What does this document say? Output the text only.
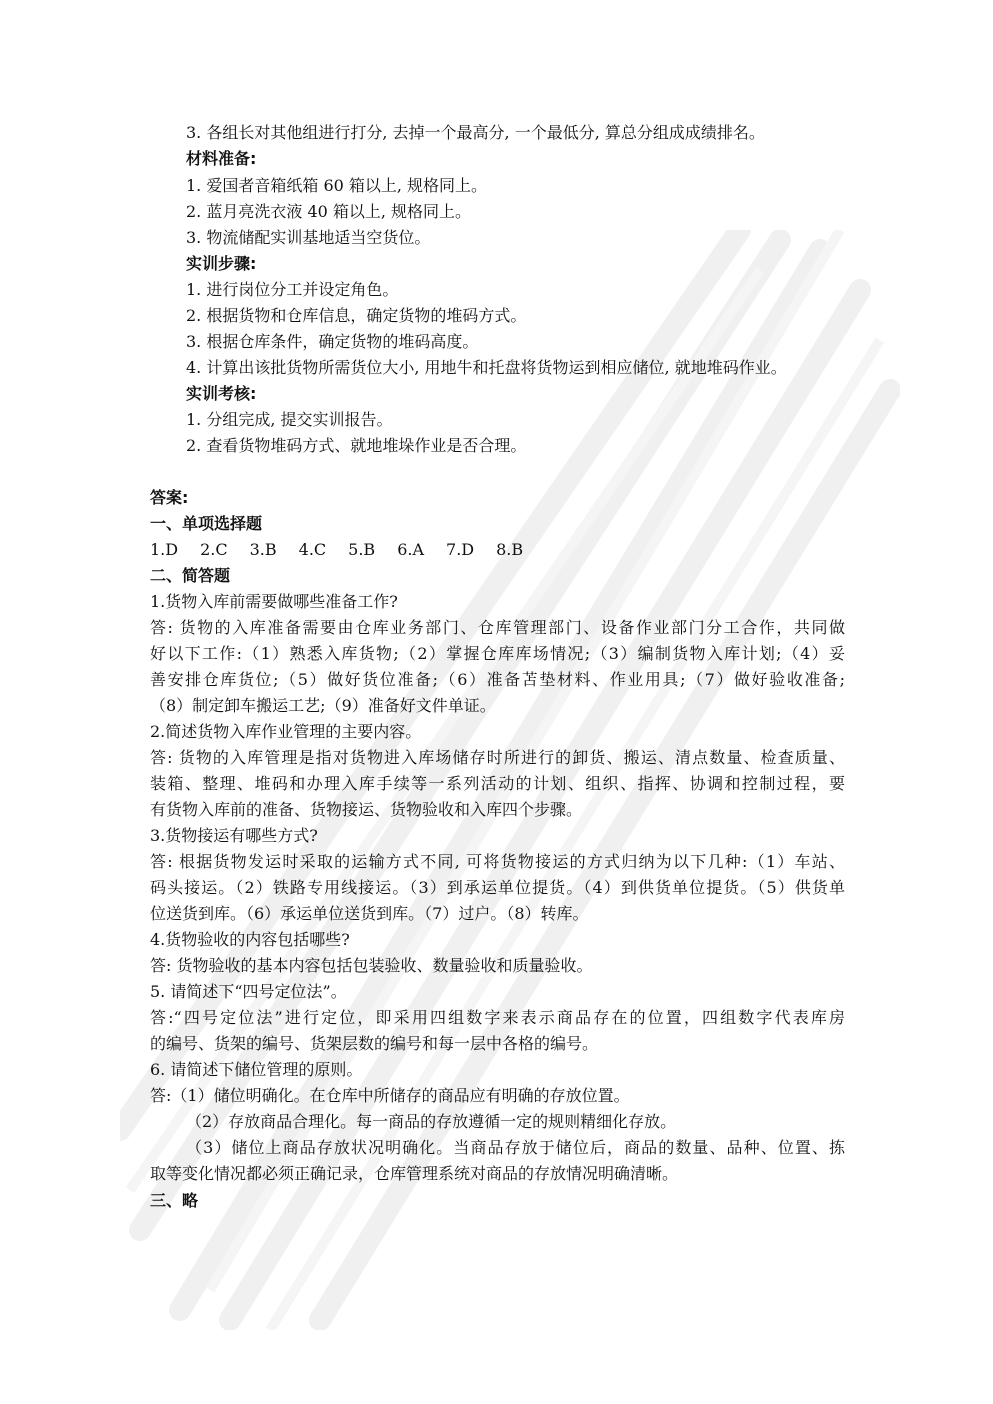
3. 各组长对其他组进行打分, 去掉一个最高分, 一个最低分, 算总分组成成绩排名。
材料准备:
1. 爱国者音箱纸箱 60 箱以上, 规格同上。
2. 蓝月亮洗衣液 40 箱以上, 规格同上。
3. 物流储配实训基地适当空货位。
实训步骤:
1. 进行岗位分工并设定角色。
2. 根据货物和仓库信息，确定货物的堆码方式。
3. 根据仓库条件，确定货物的堆码高度。
4. 计算出该批货物所需货位大小, 用地牛和托盘将货物运到相应储位, 就地堆码作业。
实训考核:
1. 分组完成, 提交实训报告。
2. 查看货物堆码方式、就地堆垛作业是否合理。
答案:
一、单项选择题
1.D 2.C 3.B 4.C 5.B 6.A 7.D 8.B
二、简答题
1.货物入库前需要做哪些准备工作?
答: 货物的入库准备需要由仓库业务部门、仓库管理部门、设备作业部门分工合作，共同做
好以下工作:（1）熟悉入库货物;（2）掌握仓库库场情况;（3）编制货物入库计划;（4）妥
善安排仓库货位;（5）做好货位准备;（6）准备苫垫材料、作业用具;（7）做好验收准备;
（8）制定卸车搬运工艺;（9）准备好文件单证。
2.简述货物入库作业管理的主要内容。
答: 货物的入库管理是指对货物进入库场储存时所进行的卸货、搬运、清点数量、检查质量、
装箱、整理、堆码和办理入库手续等一系列活动的计划、组织、指挥、协调和控制过程，要
有货物入库前的准备、货物接运、货物验收和入库四个步骤。
3.货物接运有哪些方式?
答: 根据货物发运时采取的运输方式不同, 可将货物接运的方式归纳为以下几种:（1）车站、
码头接运。（2）铁路专用线接运。（3）到承运单位提货。（4）到供货单位提货。（5）供货单
位送货到库。（6）承运单位送货到库。（7）过户。（8）转库。
4.货物验收的内容包括哪些?
答: 货物验收的基本内容包括包装验收、数量验收和质量验收。
5. 请简述下“四号定位法”。
答:“四号定位法”进行定位，即采用四组数字来表示商品存在的位置，四组数字代表库房
的编号、货架的编号、货架层数的编号和每一层中各格的编号。
6. 请简述下储位管理的原则。
答:（1）储位明确化。在仓库中所储存的商品应有明确的存放位置。
（2）存放商品合理化。每一商品的存放遵循一定的规则精细化存放。
（3）储位上商品存放状况明确化。当商品存放于储位后，商品的数量、品种、位置、拣
取等变化情况都必须正确记录，仓库管理系统对商品的存放情况明确清晰。
三、略
